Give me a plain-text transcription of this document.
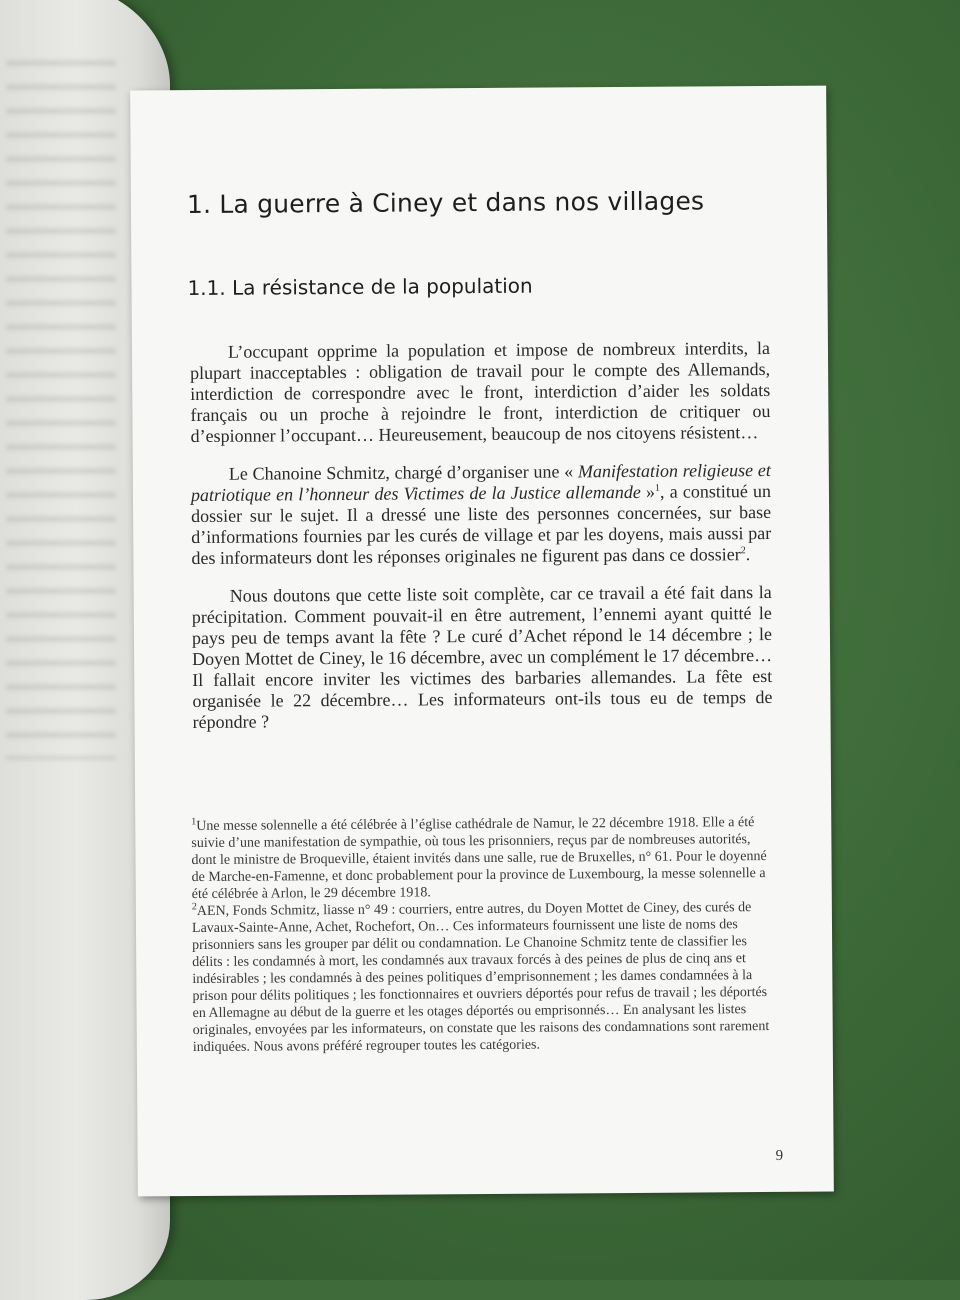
1. La guerre à Ciney et dans nos villages
1.1. La résistance de la population

L’occupant opprime la population et impose de nombreux interdits, la plupart inacceptables : obligation de travail pour le compte des Allemands, interdiction de correspondre avec le front, interdiction d’aider les soldats français ou un proche à rejoindre le front, interdiction de critiquer ou d’espionner l’occupant… Heureusement, beaucoup de nos citoyens résistent…

Le Chanoine Schmitz, chargé d’organiser une « Manifestation religieuse et patriotique en l’honneur des Victimes de la Justice allemande »$^1$, a constitué un dossier sur le sujet. Il a dressé une liste des personnes concernées, sur base d’informations fournies par les curés de village et par les doyens, mais aussi par des informateurs dont les réponses originales ne figurent pas dans ce dossier$^2$.

Nous doutons que cette liste soit complète, car ce travail a été fait dans la précipitation. Comment pouvait-il en être autrement, l’ennemi ayant quitté le pays peu de temps avant la fête ? Le curé d’Achet répond le 14 décembre ; le Doyen Mottet de Ciney, le 16 décembre, avec un complément le 17 décembre… Il fallait encore inviter les victimes des barbaries allemandes. La fête est organisée le 22 décembre… Les informateurs ont-ils tous eu de temps de répondre ?

$^1$Une messe solennelle a été célébrée à l’église cathédrale de Namur, le 22 décembre 1918. Elle a été suivie d’une manifestation de sympathie, où tous les prisonniers, reçus par de nombreuses autorités, dont le ministre de Broqueville, étaient invités dans une salle, rue de Bruxelles, n° 61. Pour le doyenné de Marche-en-Famenne, et donc probablement pour la province de Luxembourg, la messe solennelle a été célébrée à Arlon, le 29 décembre 1918.

$^2$AEN, Fonds Schmitz, liasse n° 49 : courriers, entre autres, du Doyen Mottet de Ciney, des curés de Lavaux-Sainte-Anne, Achet, Rochefort, On… Ces informateurs fournissent une liste de noms des prisonniers sans les grouper par délit ou condamnation. Le Chanoine Schmitz tente de classifier les délits : les condamnés à mort, les condamnés aux travaux forcés à des peines de plus de cinq ans et indésirables ; les condamnés à des peines politiques d’emprisonnement ; les dames condamnées à la prison pour délits politiques ; les fonctionnaires et ouvriers déportés pour refus de travail ; les déportés en Allemagne au début de la guerre et les otages déportés ou emprisonnés… En analysant les listes originales, envoyées par les informateurs, on constate que les raisons des condamnations sont rarement indiquées. Nous avons préféré regrouper toutes les catégories.

9
